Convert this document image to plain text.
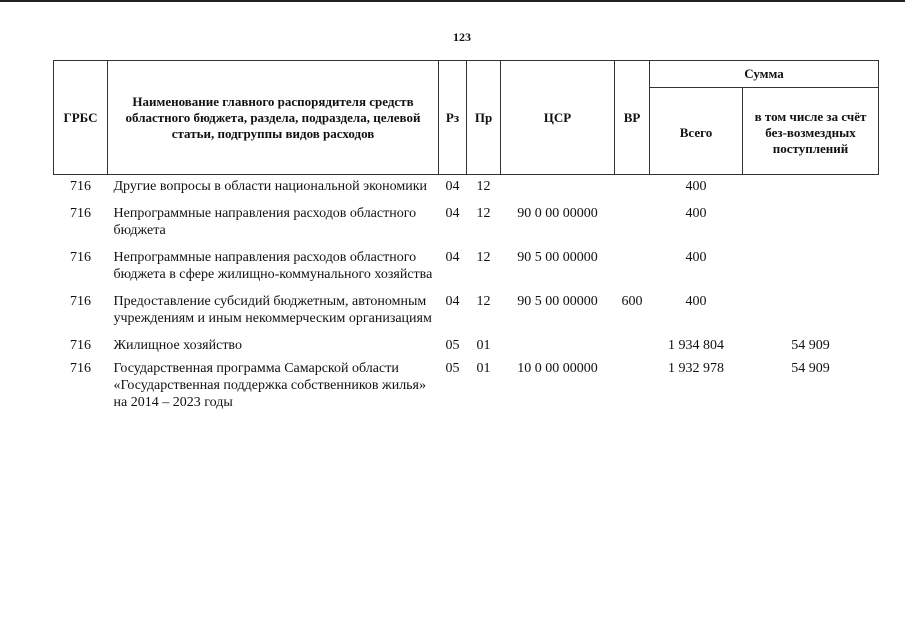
123
ГРБС	Наименование главного распорядителя средств областного бюджета, раздела, подраздела, целевой статьи, подгруппы видов расходов	Рз	Пр	ЦСР	ВР	Сумма	
						Всего	в том числе за счёт без-возмездных поступлений
716	Другие вопросы в области национальной экономики	04	12			400	
716	Непрограммные направления расходов областного бюджета	04	12	90 0 00 00000		400	
716	Непрограммные направления расходов областного бюджета в сфере жилищно-коммунального хозяйства	04	12	90 5 00 00000		400	
716	Предоставление субсидий бюджетным, автономным учреждениям и иным некоммерческим организациям	04	12	90 5 00 00000	600	400	
716	Жилищное хозяйство	05	01			1 934 804	54 909
716	Государственная программа Самарской области «Государственная поддержка собственников жилья» на 2014 – 2023 годы	05	01	10 0 00 00000		1 932 978	54 909
